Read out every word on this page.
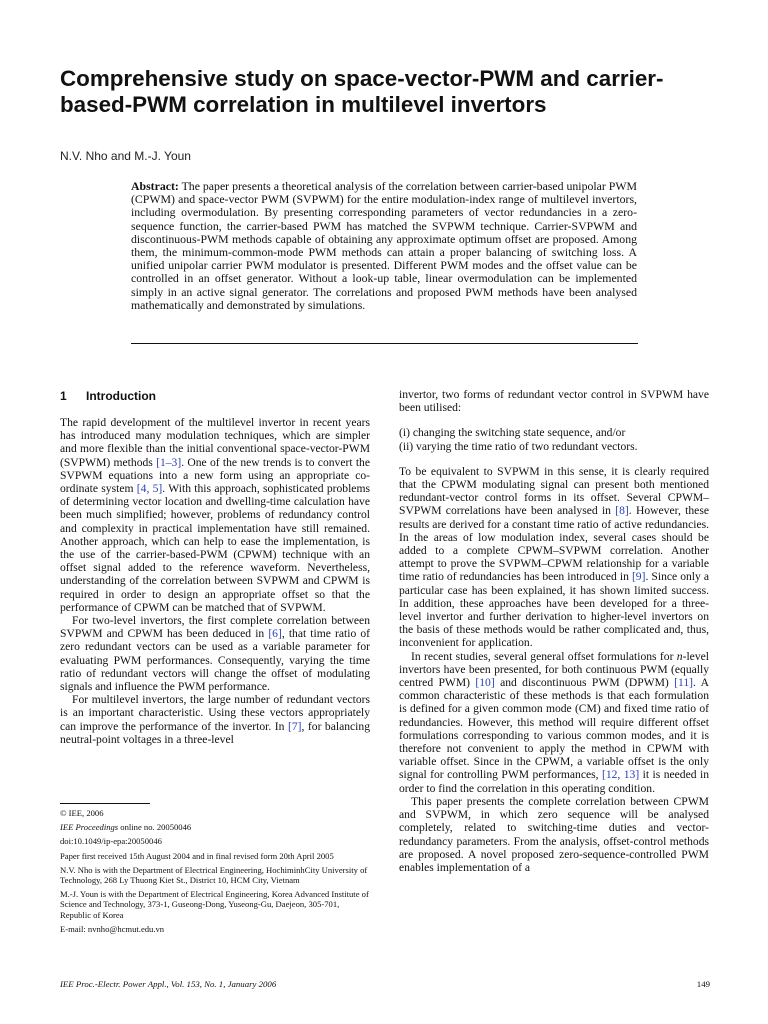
Comprehensive study on space-vector-PWM and carrier-based-PWM correlation in multilevel invertors
N.V. Nho and M.-J. Youn
Abstract: The paper presents a theoretical analysis of the correlation between carrier-based unipolar PWM (CPWM) and space-vector PWM (SVPWM) for the entire modulation-index range of multilevel invertors, including overmodulation. By presenting corresponding parameters of vector redundancies in a zero-sequence function, the carrier-based PWM has matched the SVPWM technique. Carrier-SVPWM and discontinuous-PWM methods capable of obtaining any approximate optimum offset are proposed. Among them, the minimum-common-mode PWM methods can attain a proper balancing of switching loss. A unified unipolar carrier PWM modulator is presented. Different PWM modes and the offset value can be controlled in an offset generator. Without a look-up table, linear overmodulation can be implemented simply in an active signal generator. The correlations and proposed PWM methods have been analysed mathematically and demonstrated by simulations.
1 Introduction

The rapid development of the multilevel invertor in recent years has introduced many modulation techniques, which are simpler and more flexible than the initial conventional space-vector-PWM (SVPWM) methods [1–3]. One of the new trends is to convert the SVPWM equations into a new form using an appropriate co-ordinate system [4, 5]. With this approach, sophisticated problems of determining vector location and dwelling-time calculation have been much simplified; however, problems of redundancy control and complexity in practical implementation have still remained. Another approach, which can help to ease the implementation, is the use of the carrier-based-PWM (CPWM) technique with an offset signal added to the reference waveform. Nevertheless, understanding of the correlation between SVPWM and CPWM is required in order to design an appropriate offset so that the performance of CPWM can be matched that of SVPWM.

For two-level invertors, the first complete correlation between SVPWM and CPWM has been deduced in [6], that time ratio of zero redundant vectors can be used as a variable parameter for evaluating PWM performances. Consequently, varying the time ratio of redundant vectors will change the offset of modulating signals and influence the PWM performance.

For multilevel invertors, the large number of redundant vectors is an important characteristic. Using these vectors appropriately can improve the performance of the invertor. In [7], for balancing neutral-point voltages in a three-level

© IEE, 2006
IEE Proceedings online no. 20050046
doi:10.1049/ip-epa:20050046
Paper first received 15th August 2004 and in final revised form 20th April 2005
N.V. Nho is with the Department of Electrical Engineering, HochiminhCity University of Technology, 268 Ly Thuong Kiet St., District 10, HCM City, Vietnam
M.-J. Youn is with the Department of Electrical Engineering, Korea Advanced Institute of Science and Technology, 373-1, Guseong-Dong, Yuseong-Gu, Daejeon, 305-701, Republic of Korea
E-mail: nvnho@hcmut.edu.vn

invertor, two forms of redundant vector control in SVPWM have been utilised:

(i) changing the switching state sequence, and/or

(ii) varying the time ratio of two redundant vectors.

To be equivalent to SVPWM in this sense, it is clearly required that the CPWM modulating signal can present both mentioned redundant-vector control forms in its offset. Several CPWM–SVPWM correlations have been analysed in [8]. However, these results are derived for a constant time ratio of active redundancies. In the areas of low modulation index, several cases should be added to a complete CPWM–SVPWM correlation. Another attempt to prove the SVPWM–CPWM relationship for a variable time ratio of redundancies has been introduced in [9]. Since only a particular case has been explained, it has shown limited success. In addition, these approaches have been developed for a three-level invertor and further derivation to higher-level invertors on the basis of these methods would be rather complicated and, thus, inconvenient for application.

In recent studies, several general offset formulations for n-level invertors have been presented, for both continuous PWM (equally centred PWM) [10] and discontinuous PWM (DPWM) [11]. A common characteristic of these methods is that each formulation is defined for a given common mode (CM) and fixed time ratio of redundancies. However, this method will require different offset formulations corresponding to various common modes, and it is therefore not convenient to apply the method in CPWM with variable offset. Since in the CPWM, a variable offset is the only signal for controlling PWM performances, [12, 13] it is needed in order to find the correlation in this operating condition.

This paper presents the complete correlation between CPWM and SVPWM, in which zero sequence will be analysed completely, related to switching-time duties and vector-redundancy parameters. From the analysis, offset-control methods are proposed. A novel proposed zero-sequence-controlled PWM enables implementation of a

IEE Proc.-Electr. Power Appl., Vol. 153, No. 1, January 2006	149
